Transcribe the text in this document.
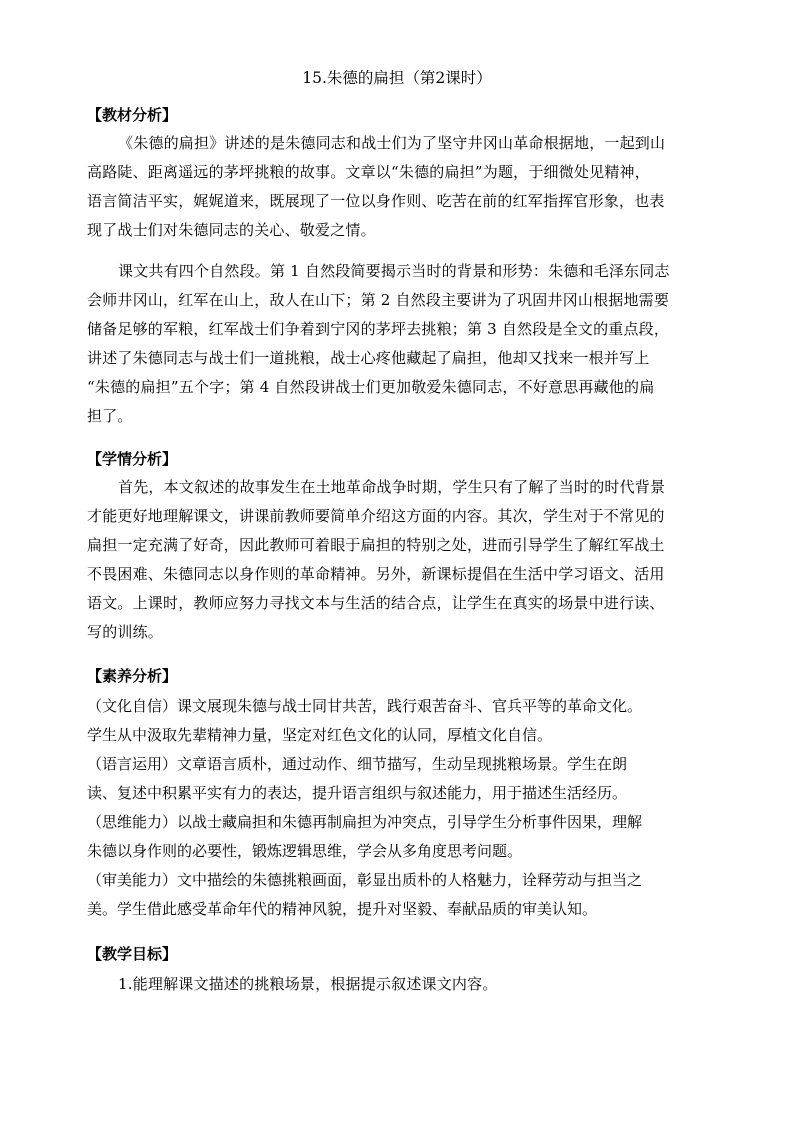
15.朱德的扁担（第2课时）
【教材分析】
《朱德的扁担》讲述的是朱德同志和战士们为了坚守井冈山革命根据地，一起到山
高路陡、距离遥远的茅坪挑粮的故事。文章以“朱德的扁担”为题，于细微处见精神，
语言简洁平实，娓娓道来，既展现了一位以身作则、吃苦在前的红军指挥官形象，也表
现了战士们对朱德同志的关心、敬爱之情。
课文共有四个自然段。第 1 自然段简要揭示当时的背景和形势：朱德和毛泽东同志
会师井冈山，红军在山上，敌人在山下；第 2 自然段主要讲为了巩固井冈山根据地需要
储备足够的军粮，红军战士们争着到宁冈的茅坪去挑粮；第 3 自然段是全文的重点段，
讲述了朱德同志与战士们一道挑粮，战士心疼他藏起了扁担，他却又找来一根并写上
“朱德的扁担”五个字；第 4 自然段讲战士们更加敬爱朱德同志，不好意思再藏他的扁
担了。
【学情分析】
首先，本文叙述的故事发生在土地革命战争时期，学生只有了解了当时的时代背景
才能更好地理解课文，讲课前教师要简单介绍这方面的内容。其次，学生对于不常见的
扁担一定充满了好奇，因此教师可着眼于扁担的特别之处，进而引导学生了解红军战土
不畏困难、朱德同志以身作则的革命精神。另外，新课标提倡在生活中学习语文、活用
语文。上课时，教师应努力寻找文本与生活的结合点，让学生在真实的场景中进行读、
写的训练。
【素养分析】
（文化自信）课文展现朱德与战士同甘共苦，践行艰苦奋斗、官兵平等的革命文化。
学生从中汲取先辈精神力量，坚定对红色文化的认同，厚植文化自信。
（语言运用）文章语言质朴，通过动作、细节描写，生动呈现挑粮场景。学生在朗
读、复述中积累平实有力的表达，提升语言组织与叙述能力，用于描述生活经历。
（思维能力）以战士藏扁担和朱德再制扁担为冲突点，引导学生分析事件因果，理解
朱德以身作则的必要性，锻炼逻辑思维，学会从多角度思考问题。
（审美能力）文中描绘的朱德挑粮画面，彰显出质朴的人格魅力，诠释劳动与担当之
美。学生借此感受革命年代的精神风貌，提升对坚毅、奉献品质的审美认知。
【教学目标】
1.能理解课文描述的挑粮场景，根据提示叙述课文内容。
